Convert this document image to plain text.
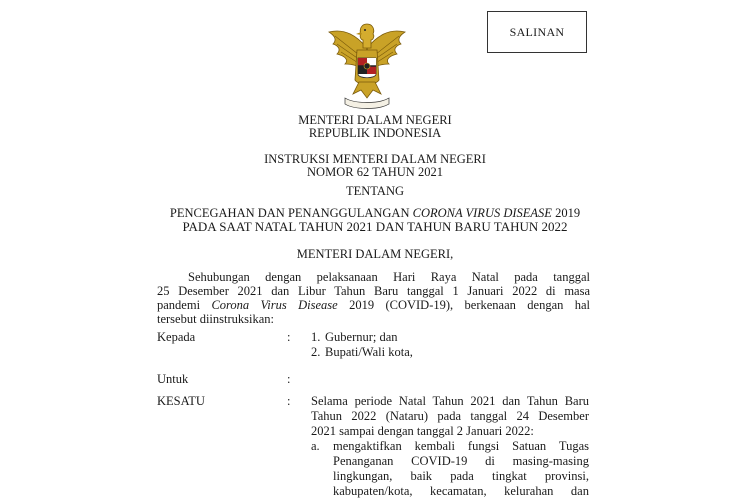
SALINAN
MENTERI DALAM NEGERI
REPUBLIK INDONESIA
INSTRUKSI MENTERI DALAM NEGERI
NOMOR 62 TAHUN 2021
TENTANG
PENCEGAHAN DAN PENANGGULANGAN CORONA VIRUS DISEASE 2019
PADA SAAT NATAL TAHUN 2021 DAN TAHUN BARU TAHUN 2022
MENTERI DALAM NEGERI,
Sehubungan dengan pelaksanaan Hari Raya Natal pada tanggal
25 Desember 2021 dan Libur Tahun Baru tanggal 1 Januari 2022 di masa
pandemi Corona Virus Disease 2019 (COVID-19), berkenaan dengan hal
tersebut diinstruksikan:
Kepada	: 1. Gubernur; dan
2. Bupati/Wali kota,
Untuk	:
KESATU	: Selama periode Natal Tahun 2021 dan Tahun Baru
Tahun 2022 (Nataru) pada tanggal 24 Desember
2021 sampai dengan tanggal 2 Januari 2022:
a. mengaktifkan kembali fungsi Satuan Tugas
Penanganan COVID-19 di masing-masing
lingkungan, baik pada tingkat provinsi,
kabupaten/kota, kecamatan, kelurahan dan
